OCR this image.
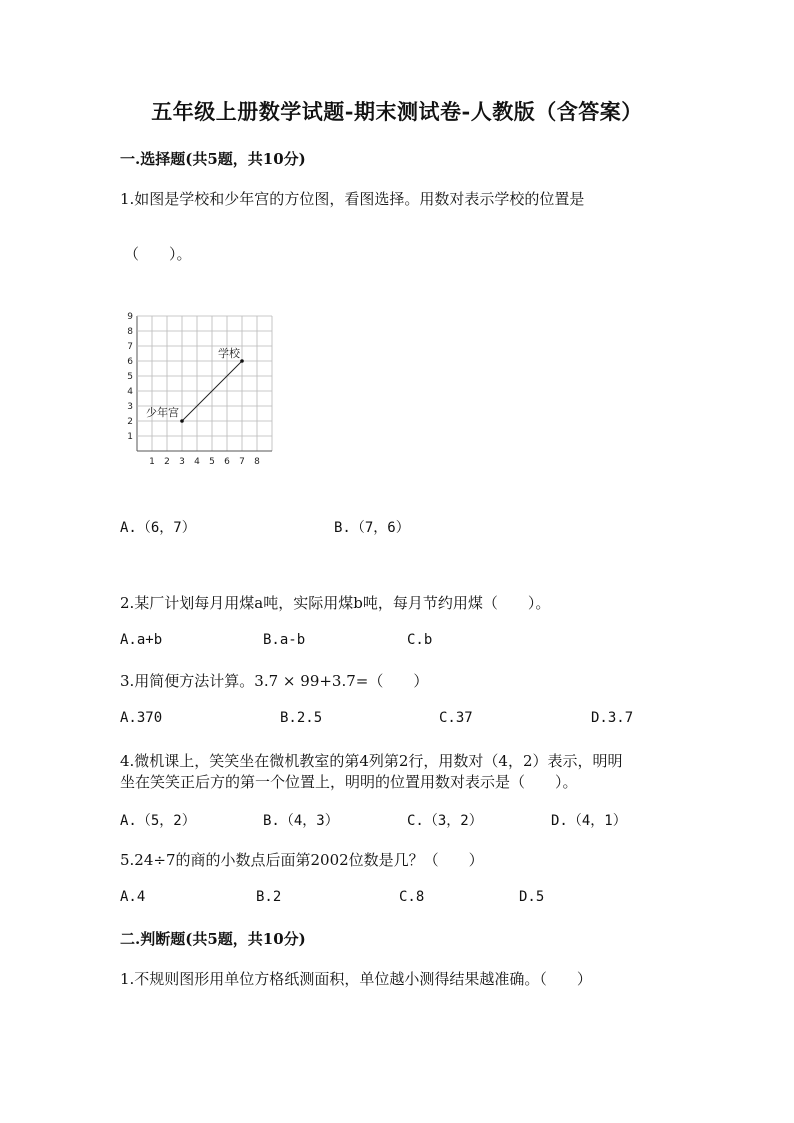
五年级上册数学试题-期末测试卷-人教版（含答案）
一.选择题(共5题，共10分)
1.如图是学校和少年宫的方位图，看图选择。用数对表示学校的位置是
（　　）。
1 2 3 4 5 6 7 8
1
2
3
4
5
6
7
8
9
少年宫
学校
A.（6，7）	B.（7，6）
2.某厂计划每月用煤a吨，实际用煤b吨，每月节约用煤（　　）。
A.a+b	B.a-b	C.b
3.用简便方法计算。3.7 × 99+3.7=（　　）
A.370	B.2.5	C.37	D.3.7
4.微机课上，笑笑坐在微机教室的第4列第2行，用数对（4，2）表示，明明
坐在笑笑正后方的第一个位置上，明明的位置用数对表示是（　　）。
A.（5，2）	B.（4，3）	C.（3，2）	D.（4，1）
5.24÷7的商的小数点后面第2002位数是几？（　　）
A.4	B.2	C.8	D.5
二.判断题(共5题，共10分)
1.不规则图形用单位方格纸测面积，单位越小测得结果越准确。（　　）
